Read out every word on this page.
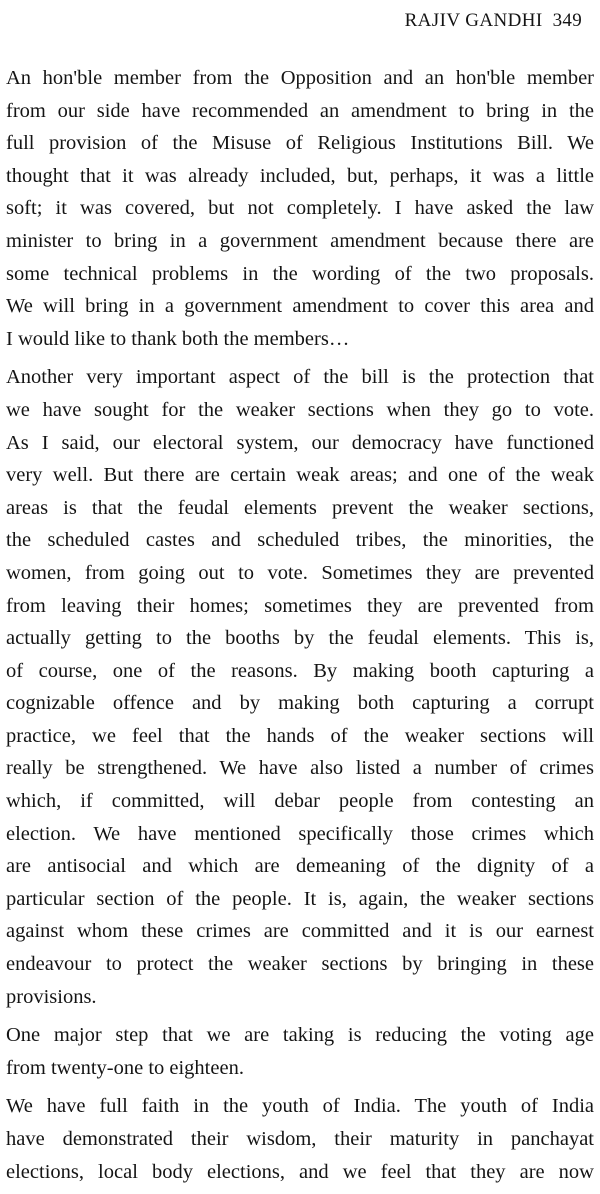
RAJIV GANDHI 349
An hon'ble member from the Opposition and an hon'ble member
from our side have recommended an amendment to bring in the
full provision of the Misuse of Religious Institutions Bill. We
thought that it was already included, but, perhaps, it was a little
soft; it was covered, but not completely. I have asked the law
minister to bring in a government amendment because there are
some technical problems in the wording of the two proposals.
We will bring in a government amendment to cover this area and
I would like to thank both the members…
Another very important aspect of the bill is the protection that
we have sought for the weaker sections when they go to vote.
As I said, our electoral system, our democracy have functioned
very well. But there are certain weak areas; and one of the weak
areas is that the feudal elements prevent the weaker sections,
the scheduled castes and scheduled tribes, the minorities, the
women, from going out to vote. Sometimes they are prevented
from leaving their homes; sometimes they are prevented from
actually getting to the booths by the feudal elements. This is,
of course, one of the reasons. By making booth capturing a
cognizable offence and by making both capturing a corrupt
practice, we feel that the hands of the weaker sections will
really be strengthened. We have also listed a number of crimes
which, if committed, will debar people from contesting an
election. We have mentioned specifically those crimes which
are antisocial and which are demeaning of the dignity of a
particular section of the people. It is, again, the weaker sections
against whom these crimes are committed and it is our earnest
endeavour to protect the weaker sections by bringing in these
provisions.
One major step that we are taking is reducing the voting age
from twenty-one to eighteen.
We have full faith in the youth of India. The youth of India
have demonstrated their wisdom, their maturity in panchayat
elections, local body elections, and we feel that they are now
